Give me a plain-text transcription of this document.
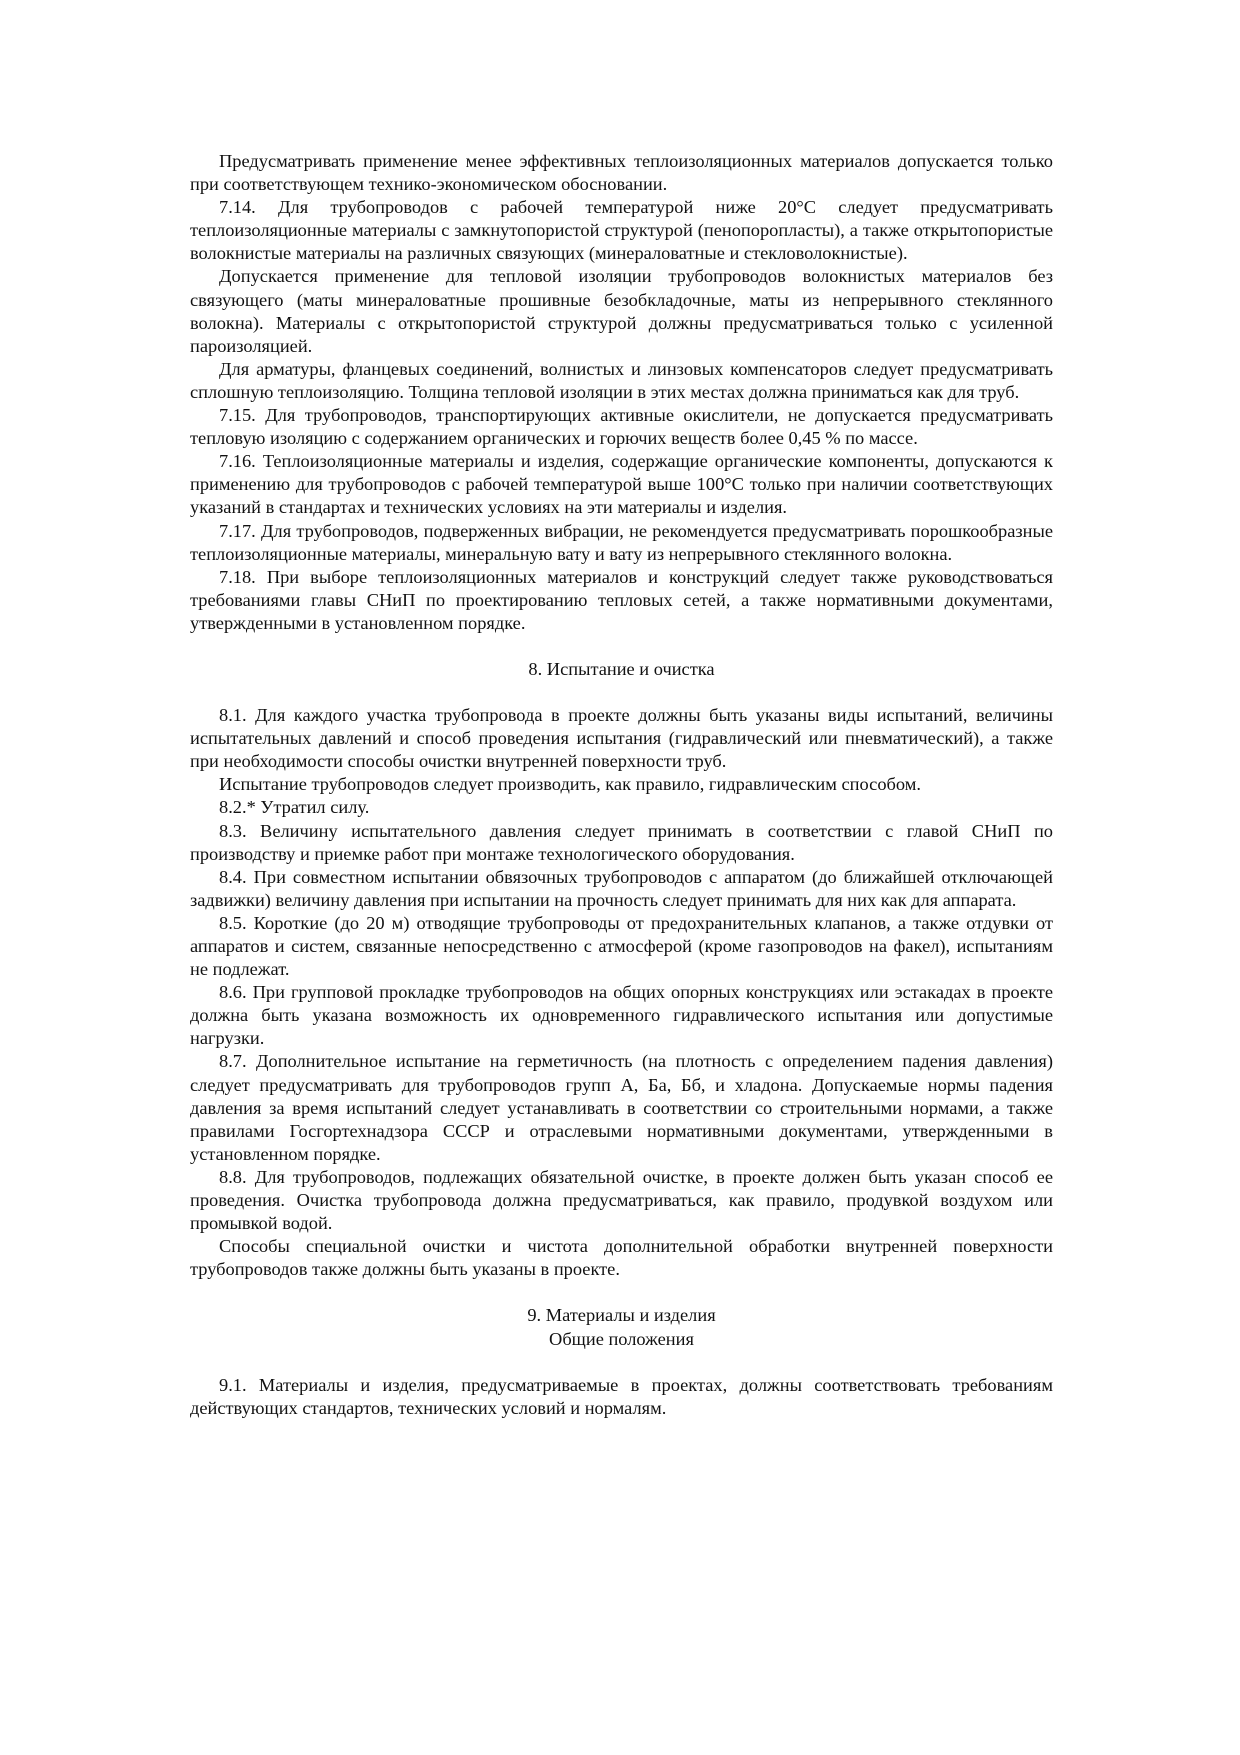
Предусматривать применение менее эффективных теплоизоляционных материалов допускается только при соответствующем технико-экономическом обосновании.

7.14. Для трубопроводов с рабочей температурой ниже 20°С следует предусматривать теплоизоляционные материалы с замкнутопористой структурой (пенопоропласты), а также открытопористые волокнистые материалы на различных связующих (минераловатные и стекловолокнистые).

Допускается применение для тепловой изоляции трубопроводов волокнистых материалов без связующего (маты минераловатные прошивные безобкладочные, маты из непрерывного стеклянного волокна). Материалы с открытопористой структурой должны предусматриваться только с усиленной пароизоляцией.

Для арматуры, фланцевых соединений, волнистых и линзовых компенсаторов следует предусматривать сплошную теплоизоляцию. Толщина тепловой изоляции в этих местах должна приниматься как для труб.

7.15. Для трубопроводов, транспортирующих активные окислители, не допускается предусматривать тепловую изоляцию с содержанием органических и горючих веществ более 0,45 % по массе.

7.16. Теплоизоляционные материалы и изделия, содержащие органические компоненты, допускаются к применению для трубопроводов с рабочей температурой выше 100°С только при наличии соответствующих указаний в стандартах и технических условиях на эти материалы и изделия.

7.17. Для трубопроводов, подверженных вибрации, не рекомендуется предусматривать порошкообразные теплоизоляционные материалы, минеральную вату и вату из непрерывного стеклянного волокна.

7.18. При выборе теплоизоляционных материалов и конструкций следует также руководствоваться требованиями главы СНиП по проектированию тепловых сетей, а также нормативными документами, утвержденными в установленном порядке.

8. Испытание и очистка

8.1. Для каждого участка трубопровода в проекте должны быть указаны виды испытаний, величины испытательных давлений и способ проведения испытания (гидравлический или пневматический), а также при необходимости способы очистки внутренней поверхности труб.

Испытание трубопроводов следует производить, как правило, гидравлическим способом.

8.2.* Утратил силу.

8.3. Величину испытательного давления следует принимать в соответствии с главой СНиП по производству и приемке работ при монтаже технологического оборудования.

8.4. При совместном испытании обвязочных трубопроводов с аппаратом (до ближайшей отключающей задвижки) величину давления при испытании на прочность следует принимать для них как для аппарата.

8.5. Короткие (до 20 м) отводящие трубопроводы от предохранительных клапанов, а также отдувки от аппаратов и систем, связанные непосредственно с атмосферой (кроме газопроводов на факел), испытаниям не подлежат.

8.6. При групповой прокладке трубопроводов на общих опорных конструкциях или эстакадах в проекте должна быть указана возможность их одновременного гидравлического испытания или допустимые нагрузки.

8.7. Дополнительное испытание на герметичность (на плотность с определением падения давления) следует предусматривать для трубопроводов групп А, Ба, Бб, и хладона. Допускаемые нормы падения давления за время испытаний следует устанавливать в соответствии со строительными нормами, а также правилами Госгортехнадзора СССР и отраслевыми нормативными документами, утвержденными в установленном порядке.

8.8. Для трубопроводов, подлежащих обязательной очистке, в проекте должен быть указан способ ее проведения. Очистка трубопровода должна предусматриваться, как правило, продувкой воздухом или промывкой водой.

Способы специальной очистки и чистота дополнительной обработки внутренней поверхности трубопроводов также должны быть указаны в проекте.

9. Материалы и изделия

Общие положения

9.1. Материалы и изделия, предусматриваемые в проектах, должны соответствовать требованиям действующих стандартов, технических условий и нормалям.
